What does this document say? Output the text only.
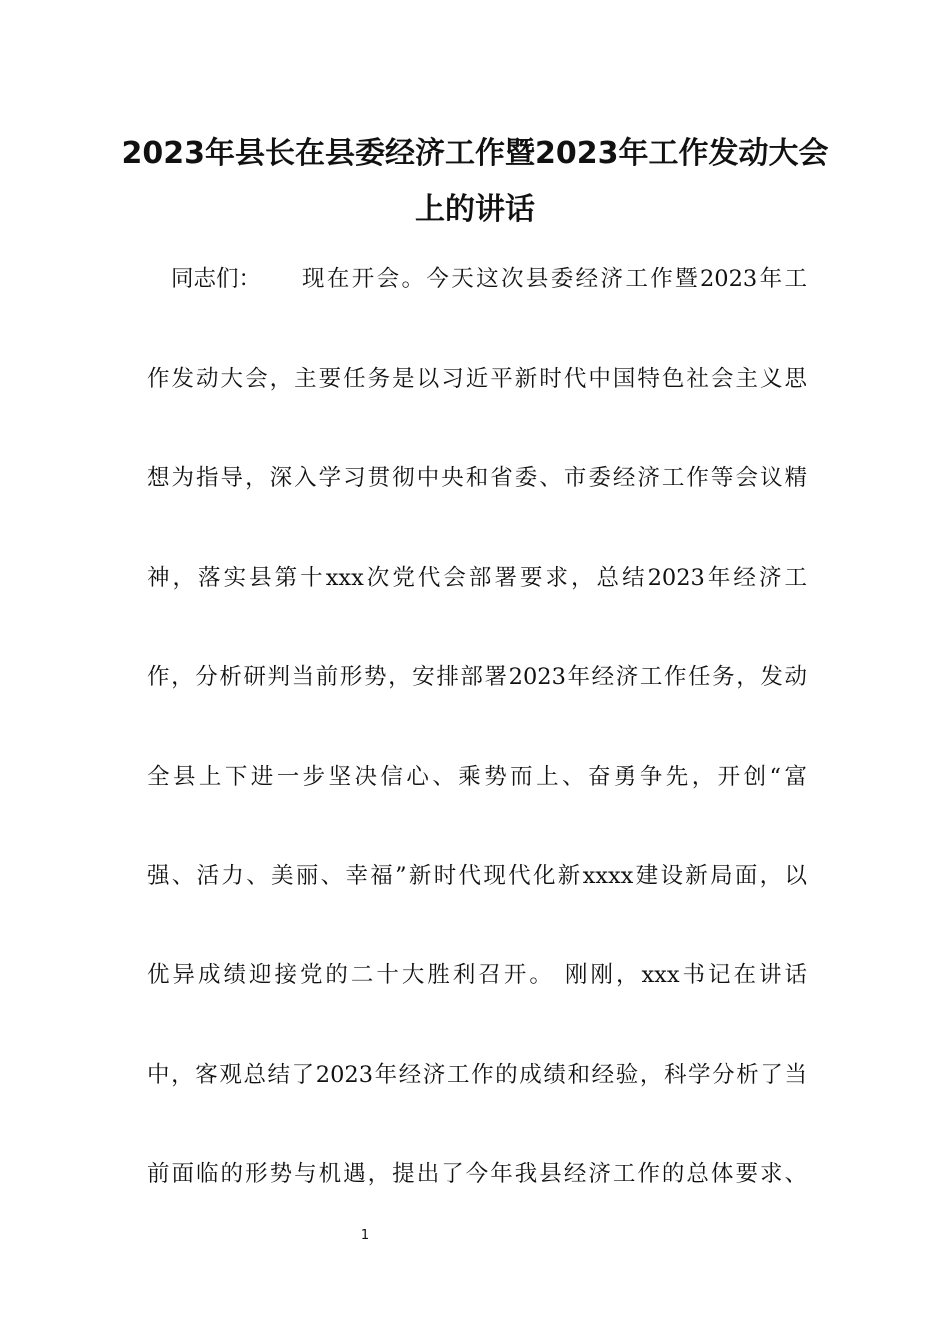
2023年县长在县委经济工作暨2023年工作发动大会
上的讲话
同志们：	现在开会。今天这次县委经济工作暨2023年工
作发动大会，主要任务是以习近平新时代中国特色社会主义思
想为指导，深入学习贯彻中央和省委、市委经济工作等会议精
神，落实县第十xxx次党代会部署要求，总结2023年经济工
作，分析研判当前形势，安排部署2023年经济工作任务，发动
全县上下进一步坚决信心、乘势而上、奋勇争先，开创“富
强、活力、美丽、幸福”新时代现代化新xxxx建设新局面，以
优异成绩迎接党的二十大胜利召开。 刚刚，xxx书记在讲话
中，客观总结了2023年经济工作的成绩和经验，科学分析了当
前面临的形势与机遇，提出了今年我县经济工作的总体要求、
1
